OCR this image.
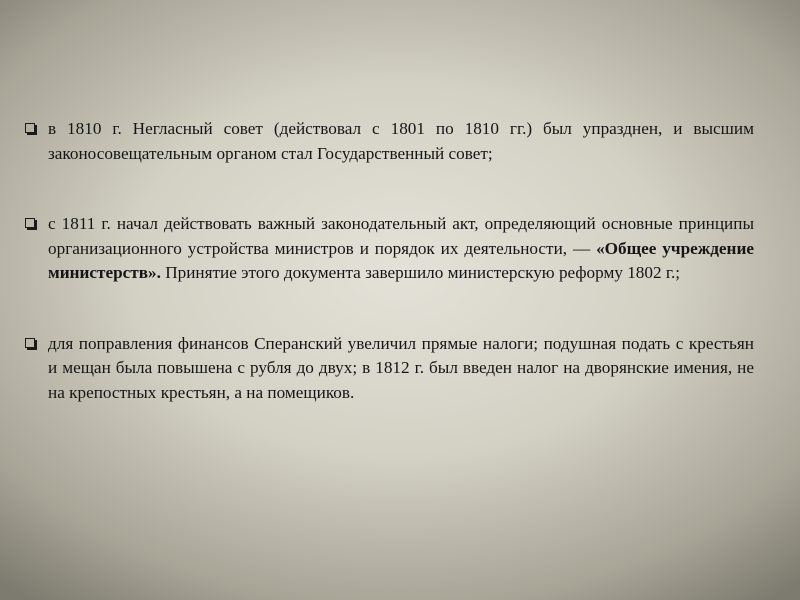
в 1810 г. Негласный совет (действовал с 1801 по 1810 гг.) был упразднен, и высшим законосовещательным органом стал Государственный совет;
с 1811 г. начал действовать важный законодательный акт, определяющий основные принципы организационного устройства министров и порядок их деятельности, — «Общее учреждение министерств». Принятие этого документа завершило министерскую реформу 1802 г.;
для поправления финансов Сперанский увеличил прямые налоги; подушная подать с крестьян и мещан была повышена с рубля до двух; в 1812 г. был введен налог на дворянские имения, не на крепостных крестьян, а на помещиков.
